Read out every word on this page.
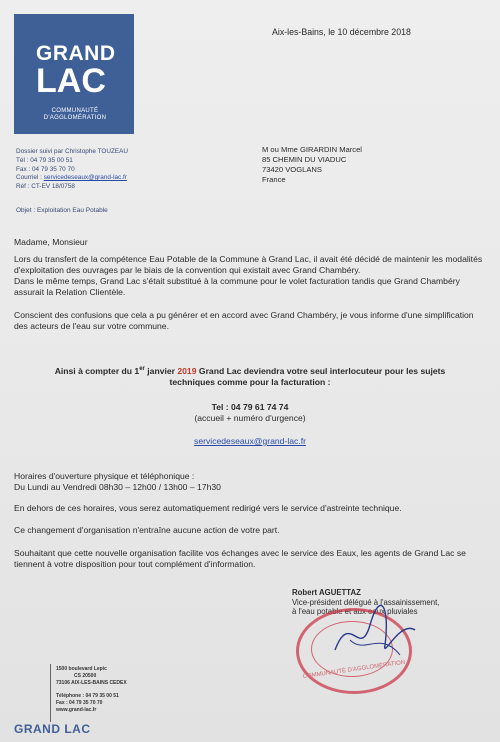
GRAND
LAC
COMMUNAUTÉ D'AGGLOMÉRATION
Aix-les-Bains, le 10 décembre 2018
Dossier suivi par Christophe TOUZEAU
Tél : 04 79 35 00 51
Fax : 04 79 35 70 70
Courriel : servicedeseaux@grand-lac.fr
Réf : CT-EV 18/0758
M ou Mme GIRARDIN Marcel
85 CHEMIN DU VIADUC
73420 VOGLANS
France
Objet : Exploitation Eau Potable
Madame, Monsieur
Lors du transfert de la compétence Eau Potable de la Commune à Grand Lac, il avait été décidé de maintenir les modalités d'exploitation des ouvrages par le biais de la convention qui existait avec Grand Chambéry.
Dans le même temps, Grand Lac s'était substitué à la commune pour le volet facturation tandis que Grand Chambéry assurait la Relation Clientèle.
Conscient des confusions que cela a pu générer et en accord avec Grand Chambéry, je vous informe d'une simplification des acteurs de l'eau sur votre commune.
Ainsi à compter du 1er janvier 2019 Grand Lac deviendra votre seul interlocuteur pour les sujets techniques comme pour la facturation :
Tel : 04 79 61 74 74
(accueil + numéro d'urgence)
servicedeseaux@grand-lac.fr
Horaires d'ouverture physique et téléphonique :
Du Lundi au Vendredi 08h30 – 12h00 / 13h00 – 17h30
En dehors de ces horaires, vous serez automatiquement redirigé vers le service d'astreinte technique.
Ce changement d'organisation n'entraîne aucune action de votre part.
Souhaitant que cette nouvelle organisation facilite vos échanges avec le service des Eaux, les agents de Grand Lac se tiennent à votre disposition pour tout complément d'information.
Robert AGUETTAZ
Vice-président délégué à l'assainissement,
à l'eau potable et aux eaux pluviales
COMMUNAUTÉ D'AGGLOMÉRATION
1500 boulevard Lepic
CS 20500
73106 AIX-LES-BAINS CEDEX
Téléphone : 04 79 35 00 51
Fax : 04 79 35 70 70
www.grand-lac.fr
GRAND LAC
